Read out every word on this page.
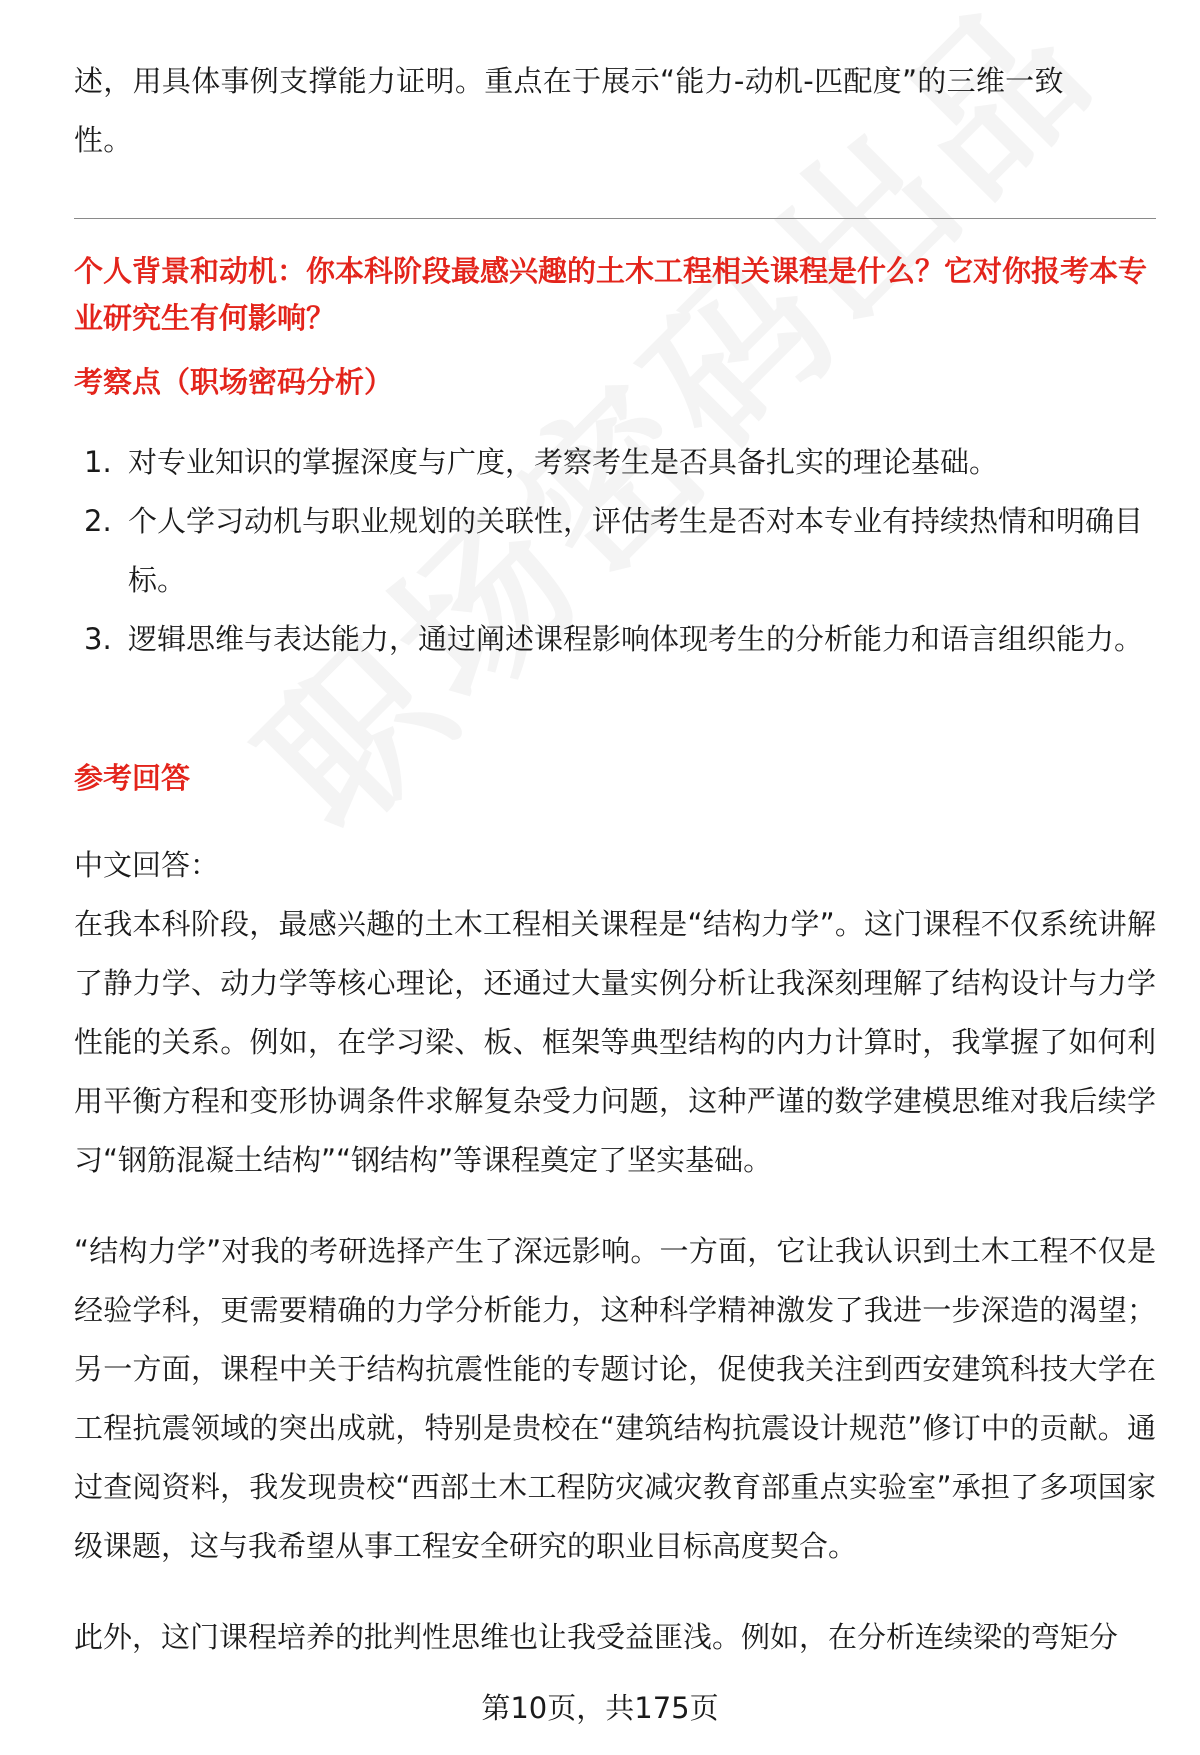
述，用具体事例支撑能力证明。重点在于展示“能力-动机-匹配度”的三维一致

性。

个人背景和动机：你本科阶段最感兴趣的土木工程相关课程是什么？它对你报考本专业研究生有何影响？

考察点（职场密码分析）

1. 对专业知识的掌握深度与广度，考察考生是否具备扎实的理论基础。
2. 个人学习动机与职业规划的关联性，评估考生是否对本专业有持续热情和明确目标。
3. 逻辑思维与表达能力，通过阐述课程影响体现考生的分析能力和语言组织能力。

参考回答

中文回答：

在我本科阶段，最感兴趣的土木工程相关课程是“结构力学”。这门课程不仅系统讲解了静力学、动力学等核心理论，还通过大量实例分析让我深刻理解了结构设计与力学性能的关系。例如，在学习梁、板、框架等典型结构的内力计算时，我掌握了如何利用平衡方程和变形协调条件求解复杂受力问题，这种严谨的数学建模思维对我后续学习“钢筋混凝土结构”“钢结构”等课程奠定了坚实基础。

“结构力学”对我的考研选择产生了深远影响。一方面，它让我认识到土木工程不仅是经验学科，更需要精确的力学分析能力，这种科学精神激发了我进一步深造的渴望；另一方面，课程中关于结构抗震性能的专题讨论，促使我关注到西安建筑科技大学在工程抗震领域的突出成就，特别是贵校在“建筑结构抗震设计规范”修订中的贡献。通过查阅资料，我发现贵校“西部土木工程防灾减灾教育部重点实验室”承担了多项国家级课题，这与我希望从事工程安全研究的职业目标高度契合。

此外，这门课程培养的批判性思维也让我受益匪浅。例如，在分析连续梁的弯矩分

第10页，共175页
